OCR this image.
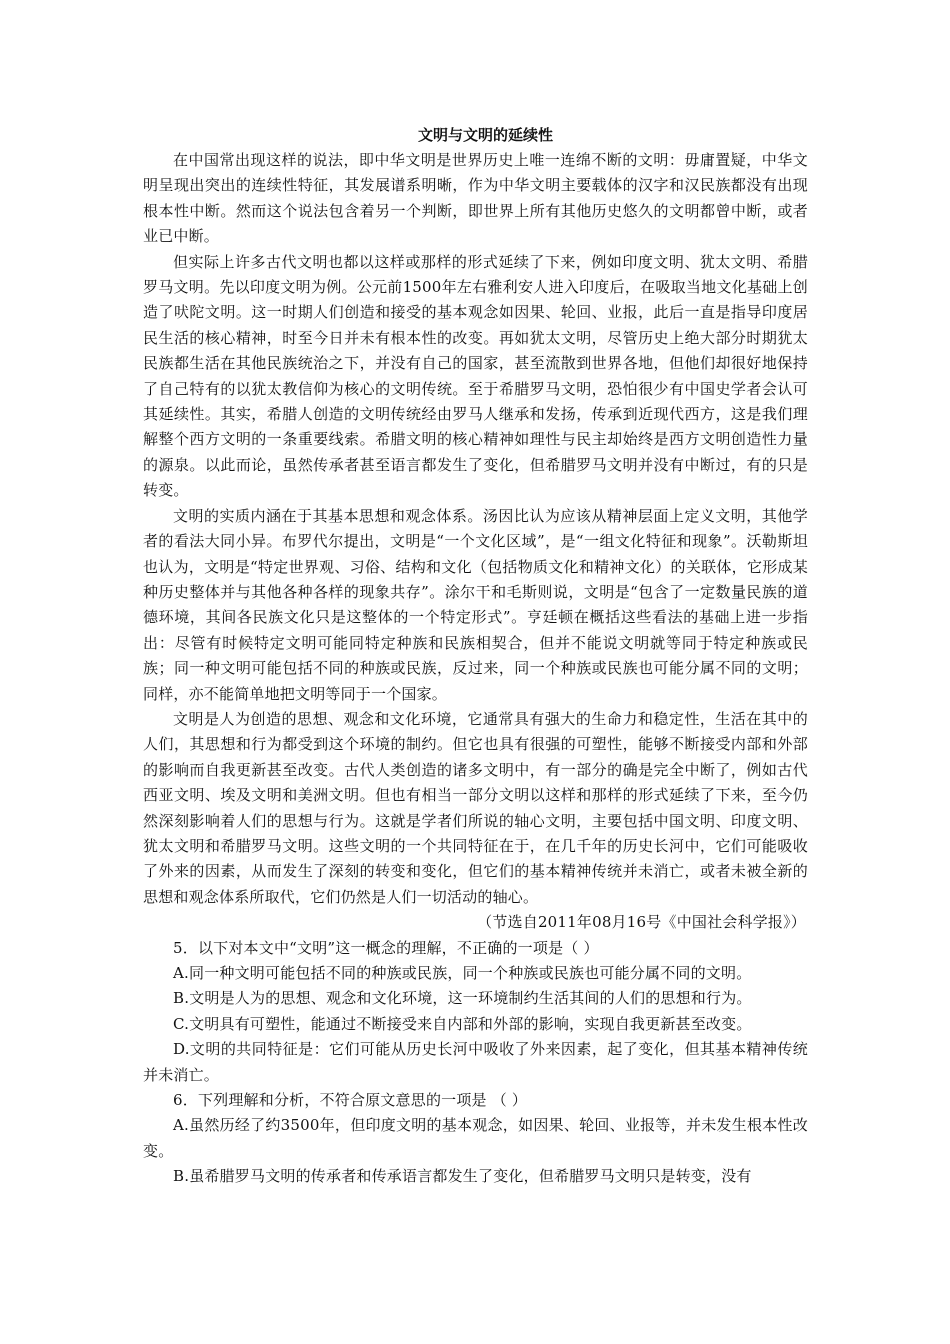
文明与文明的延续性

在中国常出现这样的说法，即中华文明是世界历史上唯一连绵不断的文明：毋庸置疑，中华文明呈现出突出的连续性特征，其发展谱系明晰，作为中华文明主要载体的汉字和汉民族都没有出现根本性中断。然而这个说法包含着另一个判断，即世界上所有其他历史悠久的文明都曾中断，或者业已中断。

但实际上许多古代文明也都以这样或那样的形式延续了下来，例如印度文明、犹太文明、希腊罗马文明。先以印度文明为例。公元前1500年左右雅利安人进入印度后，在吸取当地文化基础上创造了吠陀文明。这一时期人们创造和接受的基本观念如因果、轮回、业报，此后一直是指导印度居民生活的核心精神，时至今日并未有根本性的改变。再如犹太文明，尽管历史上绝大部分时期犹太民族都生活在其他民族统治之下，并没有自己的国家，甚至流散到世界各地，但他们却很好地保持了自己特有的以犹太教信仰为核心的文明传统。至于希腊罗马文明，恐怕很少有中国史学者会认可其延续性。其实，希腊人创造的文明传统经由罗马人继承和发扬，传承到近现代西方，这是我们理解整个西方文明的一条重要线索。希腊文明的核心精神如理性与民主却始终是西方文明创造性力量的源泉。以此而论，虽然传承者甚至语言都发生了变化，但希腊罗马文明并没有中断过，有的只是转变。

文明的实质内涵在于其基本思想和观念体系。汤因比认为应该从精神层面上定义文明，其他学者的看法大同小异。布罗代尔提出，文明是“一个文化区域”，是“一组文化特征和现象”。沃勒斯坦也认为，文明是“特定世界观、习俗、结构和文化（包括物质文化和精神文化）的关联体，它形成某种历史整体并与其他各种各样的现象共存”。涂尔干和毛斯则说，文明是“包含了一定数量民族的道德环境，其间各民族文化只是这整体的一个特定形式”。亨廷顿在概括这些看法的基础上进一步指出：尽管有时候特定文明可能同特定种族和民族相契合，但并不能说文明就等同于特定种族或民族；同一种文明可能包括不同的种族或民族，反过来，同一个种族或民族也可能分属不同的文明；同样，亦不能简单地把文明等同于一个国家。

文明是人为创造的思想、观念和文化环境，它通常具有强大的生命力和稳定性，生活在其中的人们，其思想和行为都受到这个环境的制约。但它也具有很强的可塑性，能够不断接受内部和外部的影响而自我更新甚至改变。古代人类创造的诸多文明中，有一部分的确是完全中断了，例如古代西亚文明、埃及文明和美洲文明。但也有相当一部分文明以这样和那样的形式延续了下来，至今仍然深刻影响着人们的思想与行为。这就是学者们所说的轴心文明，主要包括中国文明、印度文明、犹太文明和希腊罗马文明。这些文明的一个共同特征在于，在几千年的历史长河中，它们可能吸收了外来的因素，从而发生了深刻的转变和变化，但它们的基本精神传统并未消亡，或者未被全新的思想和观念体系所取代，它们仍然是人们一切活动的轴心。

（节选自2011年08月16号《中国社会科学报》）

5．以下对本文中“文明”这一概念的理解，不正确的一项是（ ）

A.同一种文明可能包括不同的种族或民族，同一个种族或民族也可能分属不同的文明。

B.文明是人为的思想、观念和文化环境，这一环境制约生活其间的人们的思想和行为。

C.文明具有可塑性，能通过不断接受来自内部和外部的影响，实现自我更新甚至改变。

D.文明的共同特征是：它们可能从历史长河中吸收了外来因素，起了变化，但其基本精神传统并未消亡。

6．下列理解和分析，不符合原文意思的一项是 （ ）

A.虽然历经了约3500年，但印度文明的基本观念，如因果、轮回、业报等，并未发生根本性改变。

B.虽希腊罗马文明的传承者和传承语言都发生了变化，但希腊罗马文明只是转变，没有
